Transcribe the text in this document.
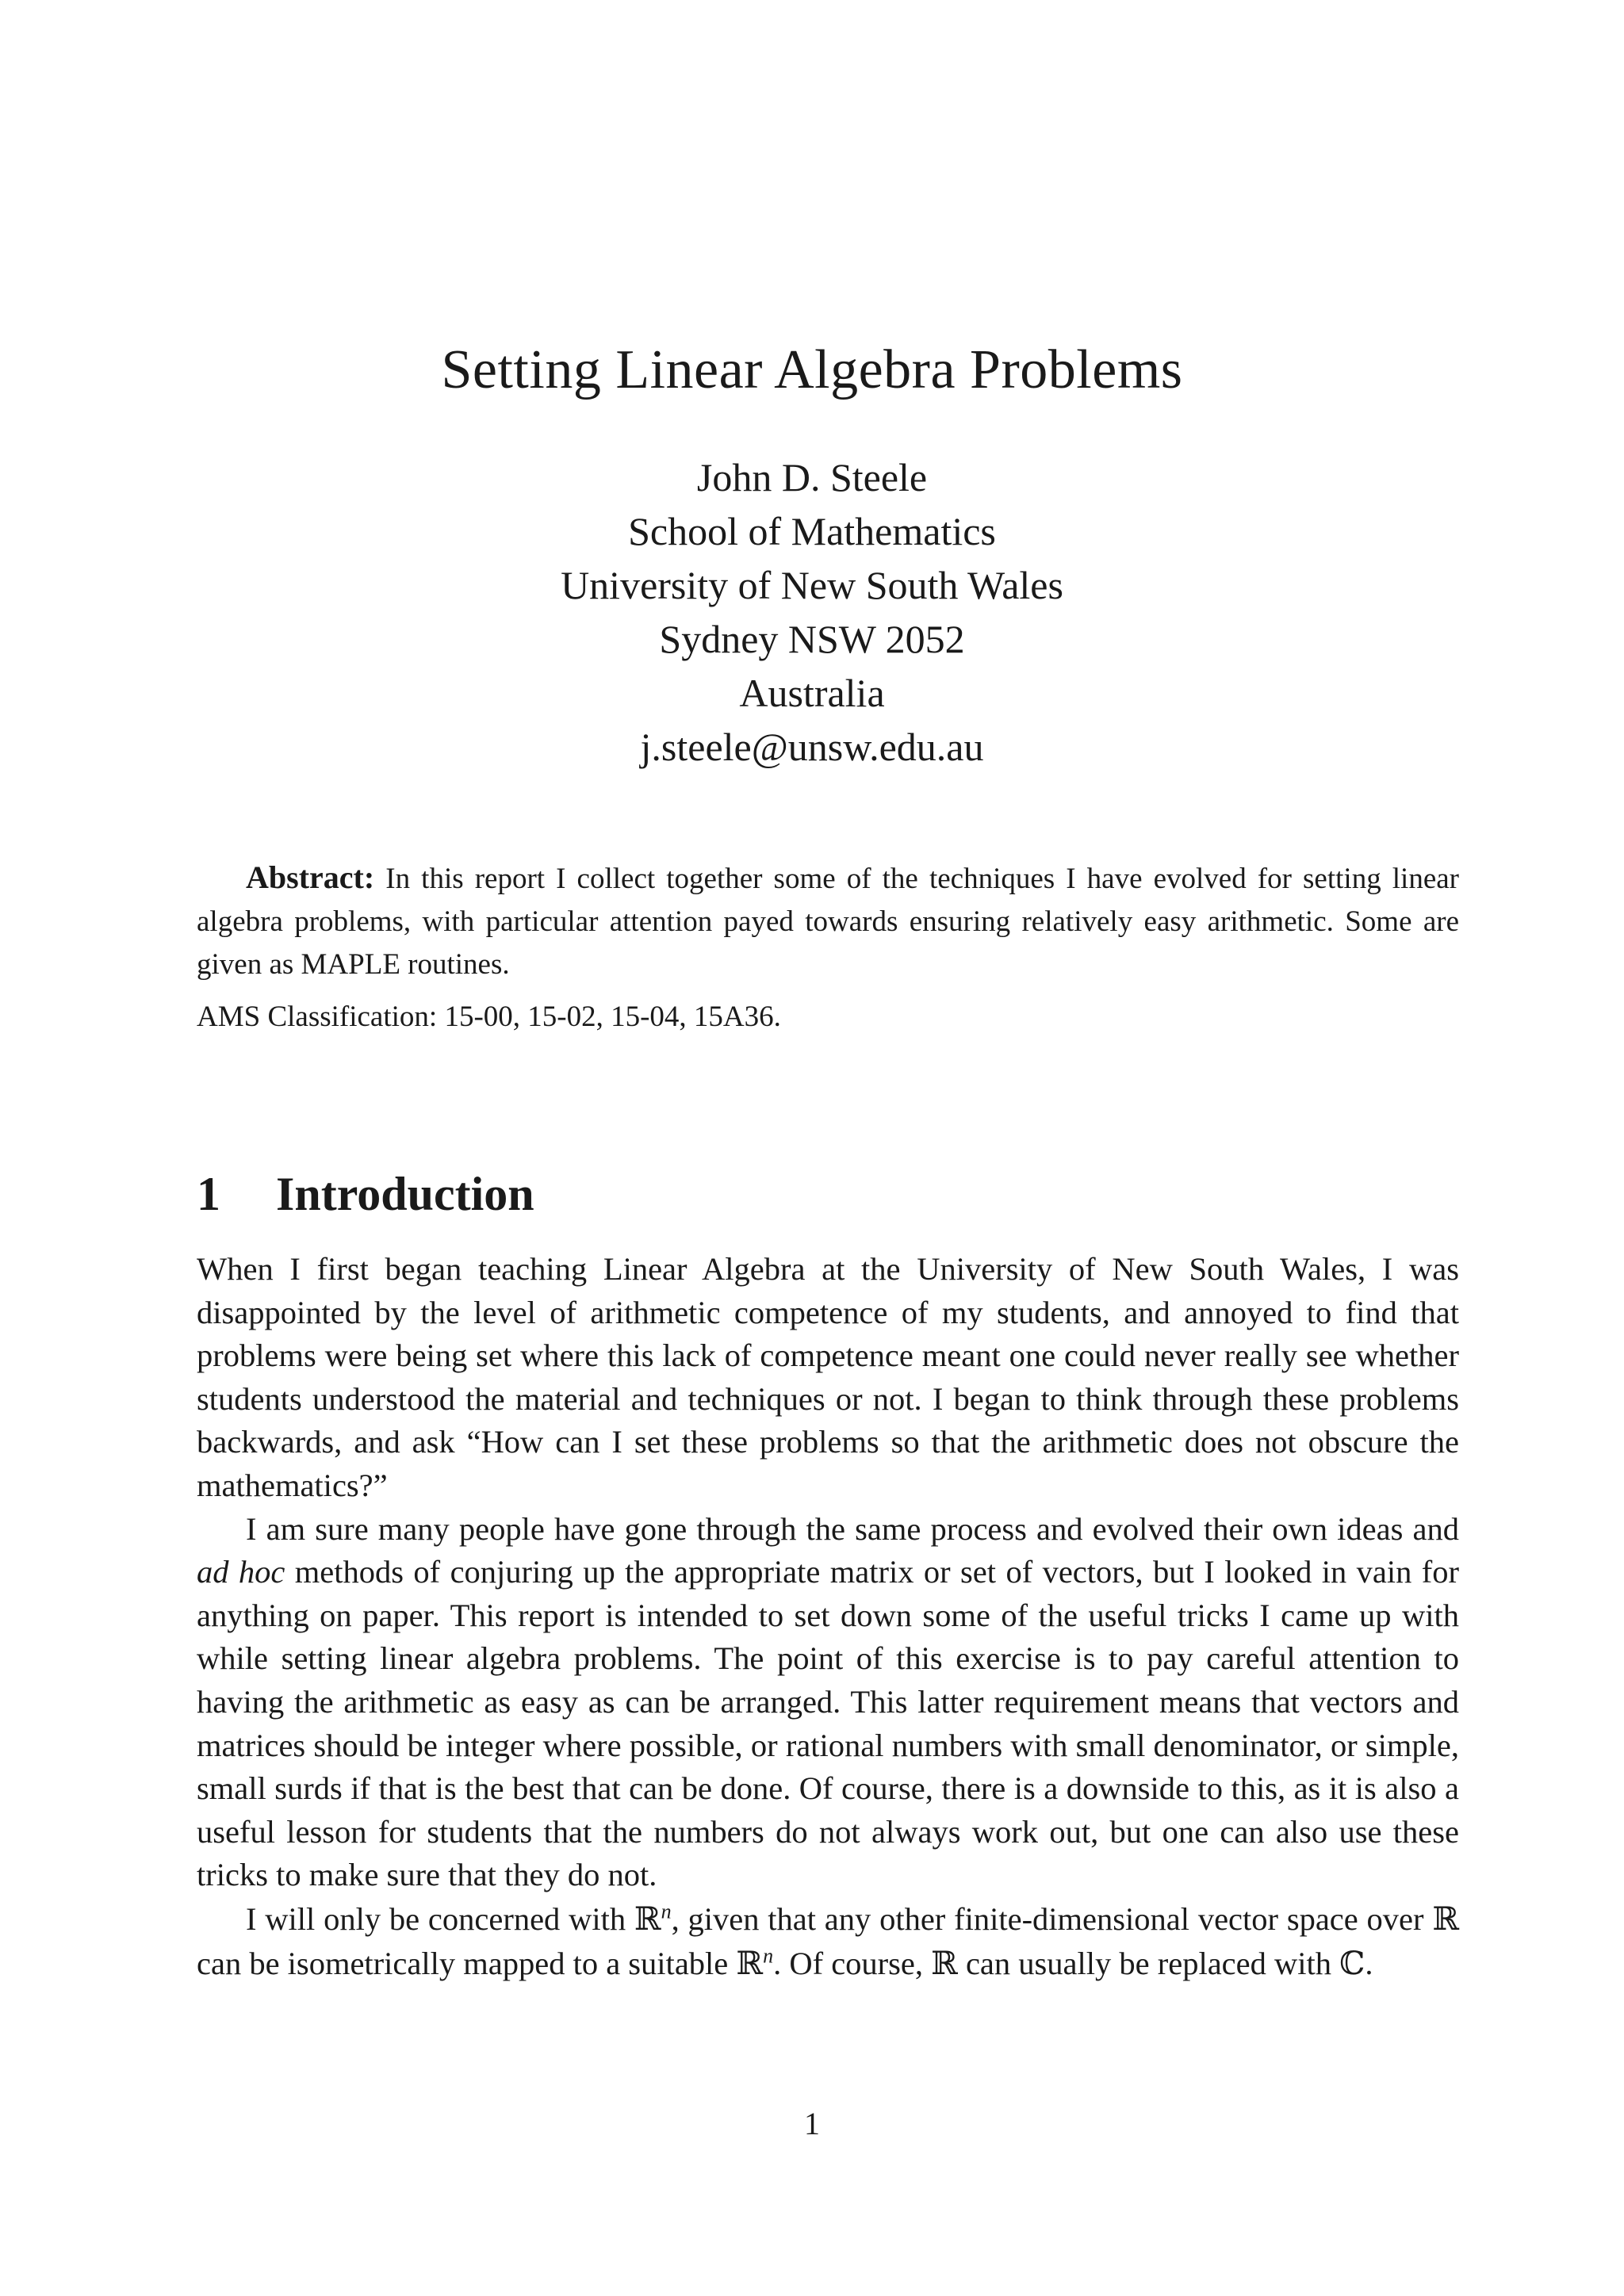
Setting Linear Algebra Problems
John D. Steele
School of Mathematics
University of New South Wales
Sydney NSW 2052
Australia
j.steele@unsw.edu.au

Abstract: In this report I collect together some of the techniques I have evolved for setting linear algebra problems, with particular attention payed towards ensuring relatively easy arithmetic. Some are given as MAPLE routines.

AMS Classification: 15-00, 15-02, 15-04, 15A36.
1 Introduction

When I first began teaching Linear Algebra at the University of New South Wales, I was disappointed by the level of arithmetic competence of my students, and annoyed to find that problems were being set where this lack of competence meant one could never really see whether students understood the material and techniques or not. I began to think through these problems backwards, and ask “How can I set these problems so that the arithmetic does not obscure the mathematics?”

I am sure many people have gone through the same process and evolved their own ideas and ad hoc methods of conjuring up the appropriate matrix or set of vectors, but I looked in vain for anything on paper. This report is intended to set down some of the useful tricks I came up with while setting linear algebra problems. The point of this exercise is to pay careful attention to having the arithmetic as easy as can be arranged. This latter requirement means that vectors and matrices should be integer where possible, or rational numbers with small denominator, or simple, small surds if that is the best that can be done. Of course, there is a downside to this, as it is also a useful lesson for students that the numbers do not always work out, but one can also use these tricks to make sure that they do not.

I will only be concerned with ℝ$^n$, given that any other finite-dimensional vector space over ℝ can be isometrically mapped to a suitable ℝ$^n$. Of course, ℝ can usually be replaced with ℂ.

1
